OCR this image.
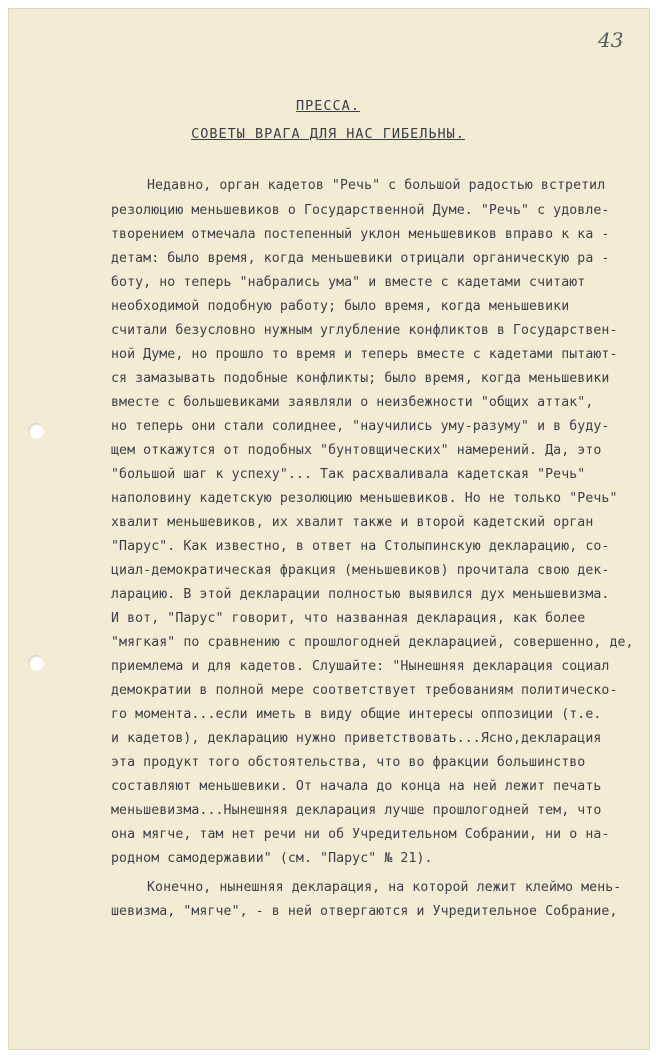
43
ПРЕССА.
СОВЕТЫ ВРАГА ДЛЯ НАС ГИБЕЛЬНЫ.
Недавно, орган кадетов "Речь" с большой радостью встретил
резолюцию меньшевиков о Государственной Думе. "Речь" с удовле-
творением отмечала постепенный уклон меньшевиков вправо к ка -
детам: было время, когда меньшевики отрицали органическую ра -
боту, но теперь "набрались ума" и вместе с кадетами считают
необходимой подобную работу; было время, когда меньшевики
считали безусловно нужным углубление конфликтов в Государствен-
ной Думе, но прошло то время и теперь вместе с кадетами пытают-
ся замазывать подобные конфликты; было время, когда меньшевики
вместе с большевиками заявляли о неизбежности "общих аттак",
но теперь они стали солиднее, "научились уму-разуму" и в буду-
щем откажутся от подобных "бунтовщических" намерений. Да, это
"большой шаг к успеху"... Так расхваливала кадетская "Речь"
наполовину кадетскую резолюцию меньшевиков. Но не только "Речь"
хвалит меньшевиков, их хвалит также и второй кадетский орган
"Парус". Как известно, в ответ на Столыпинскую декларацию, со-
циал-демократическая фракция (меньшевиков) прочитала свою дек-
ларацию. В этой декларации полностью выявился дух меньшевизма.
И вот, "Парус" говорит, что названная декларация, как более
"мягкая" по сравнению с прошлогодней декларацией, совершенно, де,
приемлема и для кадетов. Слушайте: "Нынешняя декларация социал
демократии в полной мере соответствует требованиям политическо-
го момента...если иметь в виду общие интересы оппозиции (т.е.
и кадетов), декларацию нужно приветствовать...Ясно,декларация
эта продукт того обстоятельства, что во фракции большинство
составляют меньшевики. От начала до конца на ней лежит печать
меньшевизма...Нынешняя декларация лучше прошлогодней тем, что
она мягче, там нет речи ни об Учредительном Собрании, ни о на-
родном самодержавии" (см. "Парус" № 21).
Конечно, нынешняя декларация, на которой лежит клеймо мень-
шевизма, "мягче", - в ней отвергаются и Учредительное Собрание,
